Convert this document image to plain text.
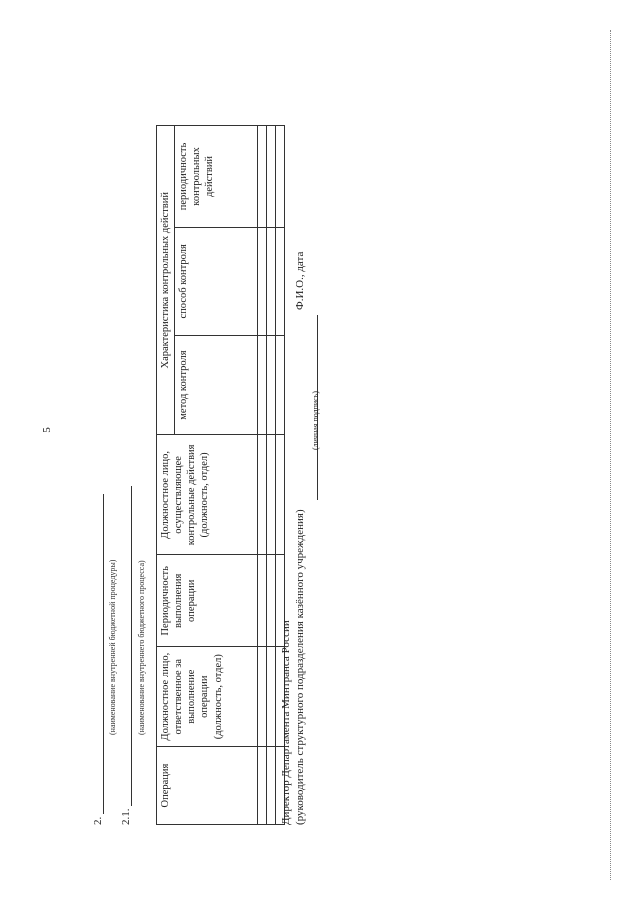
5
2.
(наименование внутренней бюджетной процедуры)
2.1.
(наименование внутреннего бюджетного процесса)
Операция	Должностное лицо, ответственное за выполнение операции (должность, отдел)	Периодичность выполнения операции	Должностное лицо, осуществляющее контрольные действия (должность, отдел)	Характеристика контрольных действий		
				метод контроля	способ контроля	периодичность контрольных действий

Директор Департамента Минтранса России (руководитель структурного подразделения казённого учреждения)
Ф.И.О., дата
(личная подпись)
